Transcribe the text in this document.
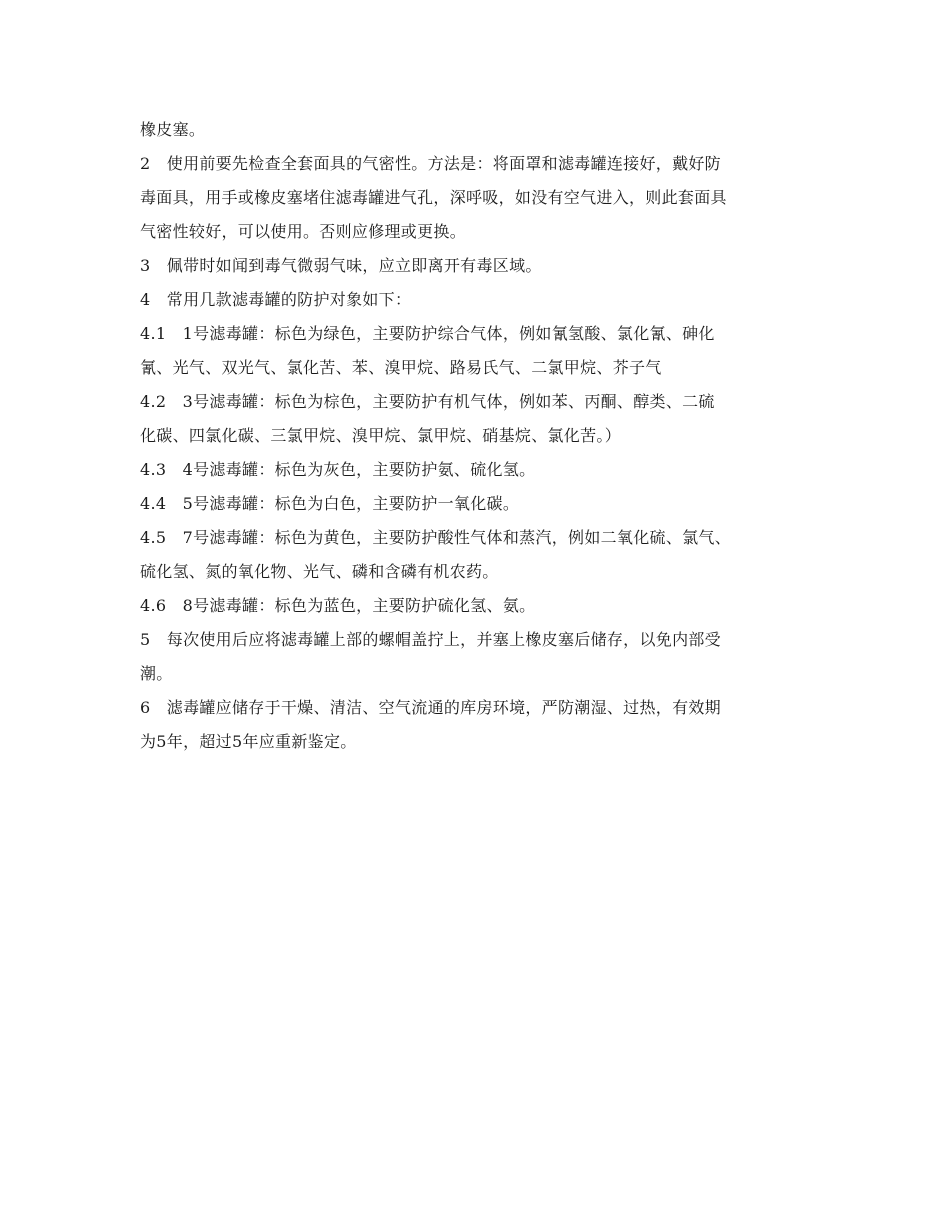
橡皮塞。
2　使用前要先检查全套面具的气密性。方法是：将面罩和滤毒罐连接好，戴好防
毒面具，用手或橡皮塞堵住滤毒罐进气孔，深呼吸，如没有空气进入，则此套面具
气密性较好，可以使用。否则应修理或更换。
3　佩带时如闻到毒气微弱气味，应立即离开有毒区域。
4　常用几款滤毒罐的防护对象如下：
4.1　1号滤毒罐：标色为绿色，主要防护综合气体，例如氰氢酸、氯化氰、砷化
氰、光气、双光气、氯化苦、苯、溴甲烷、路易氏气、二氯甲烷、芥子气
4.2　3号滤毒罐：标色为棕色，主要防护有机气体，例如苯、丙酮、醇类、二硫
化碳、四氯化碳、三氯甲烷、溴甲烷、氯甲烷、硝基烷、氯化苦。）
4.3　4号滤毒罐：标色为灰色，主要防护氨、硫化氢。
4.4　5号滤毒罐：标色为白色，主要防护一氧化碳。
4.5　7号滤毒罐：标色为黄色，主要防护酸性气体和蒸汽，例如二氧化硫、氯气、
硫化氢、氮的氧化物、光气、磷和含磷有机农药。
4.6　8号滤毒罐：标色为蓝色，主要防护硫化氢、氨。
5　每次使用后应将滤毒罐上部的螺帽盖拧上，并塞上橡皮塞后储存，以免内部受
潮。
6　滤毒罐应储存于干燥、清洁、空气流通的库房环境，严防潮湿、过热，有效期
为5年，超过5年应重新鉴定。
